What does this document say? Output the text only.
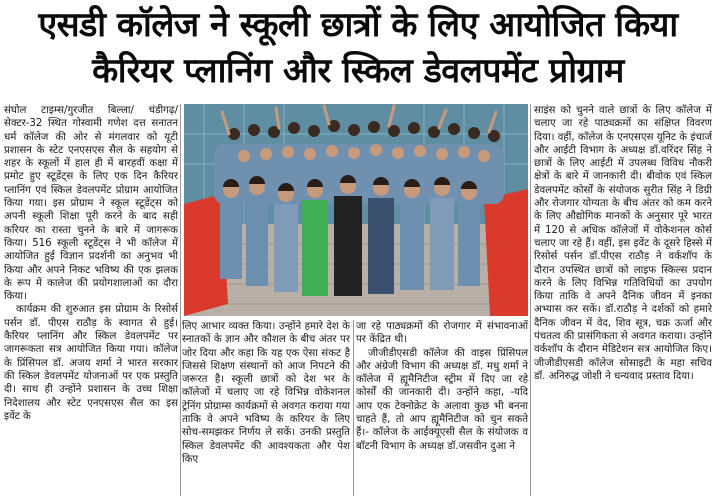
एसडी कॉलेज ने स्कूली छात्रों के लिए आयोजित किया
कैरियर प्लानिंग और स्किल डेवलपमेंट प्रोग्राम

संघोल टाइम्स/गुरजीत बिल्ला/ चंडीगढ़/ सेक्टर-32 स्थित गोस्वामी गणेश दत्त सनातन धर्म कॉलेज की ओर से मंगलवार को यूटी प्रशासन के स्टेट एनएसएस सैल के सहयोग से शहर के स्कूलों में हाल ही में बारहवीं कक्षा में प्रमोट हुए स्टूडेंट्स के लिए एक दिन कैरियर प्लानिंग एवं स्किल डेवलपमेंट प्रोग्राम आयोजित किया गया। इस प्रोग्राम ने स्कूल स्टूडेंट्स को अपनी स्कूली शिक्षा पूरी करने के बाद सही करियर का रास्ता चुनने के बारे में जागरूक किया। 516 स्कूली स्टूडेंट्स ने भी कॉलेज में आयोजित हुई विज्ञान प्रदर्शनी का अनुभव भी किया और अपने निकट भविष्य की एक झलक के रूप में कालेज की प्रयोगशालाओं का दौरा किया।

कार्यक्रम की शुरुआत इस प्रोग्राम के रिसोर्स पर्सन डॉ. पीएस राठौड़ के स्वागत से हुई। कैरियर प्लानिंग और स्किल डेवलपमेंट पर जागरूकता सत्र आयोजित किया गया। कॉलेज के प्रिंसिपल डॉ. अजय शर्मा ने भारत सरकार की स्किल डेवलपमेंट योजनाओं पर एक प्रस्तुति दी। साथ ही उन्होंने प्रशासन के उच्च शिक्षा निदेशालय और स्टेट एनएसएस सैल का इस इवेंट के

लिए आभार व्यक्त किया। उन्होंने हमारे देश के स्नातकों के ज्ञान और कौशल के बीच अंतर पर जोर दिया और कहा कि यह एक ऐसा संकट है जिससे शिक्षण संस्थानों को आज निपटने की जरूरत है। स्कूली छात्रों को देश भर के कॉलेजों में चलाए जा रहे विभिन्न वोकेशनल ट्रेनिंग प्रोग्राम्स कार्यक्रमों से अवगत कराया गया ताकि वे अपने भविष्य के करियर के लिए सोच-समझकर निर्णय ले सकें। उनकी प्रस्तुति स्किल डेवलपमेंट की आवश्यकता और पेश किए

जा रहे पाठ्यक्रमों की रोजगार में संभावनाओं पर केंद्रित थी।

जीजीडीएसडी कॉलेज की वाइस प्रिंसिपल और अंग्रेजी विभाग की अध्यक्ष डॉ. मधु शर्मा ने कॉलेज में ह्यूमैनिटीज स्ट्रीम में दिए जा रहे कोर्सों की जानकारी दी। उन्होंने कहा, -यदि आप एक टेक्नोक्रेट के अलावा कुछ भी बनना चाहते हैं, तो आप ह्यूमैनिटीज को चुन सकते हैं।- कॉलेज के आईक्यूएसी सैल के संयोजक व बॉटनी विभाग के अध्यक्ष डॉ.जसवीन दुआ ने

साइंस को चुनने वाले छात्रों के लिए कॉलेज में चलाए जा रहे पाठ्यक्रमों का संक्षिप्त विवरण दिया। वहीं, कॉलेज के एनएसएस यूनिट के इंचार्ज और आईटी विभाग के अध्यक्ष डॉ.वरिंदर सिंह ने छात्रों के लिए आईटी में उपलब्ध विविध नौकरी क्षेत्रों के बारे में जानकारी दी। बीवोक एवं स्किल डेवलपमेंट कोर्सों के संयोजक सुरीत सिंह ने डिग्री और रोजगार योग्यता के बीच अंतर को कम करने के लिए औद्योगिक मानकों के अनुसार पूरे भारत में 120 से अधिक कॉलेजों में वोकेशनल कोर्स चलाए जा रहे हैं। वहीं, इस इवेंट के दूसरे हिस्से में रिसोर्स पर्सन डॉ.पीएस राठौड़ ने वर्कशॉप के दौरान उपस्थित छात्रों को लाइफ स्किल्स प्रदान करने के लिए विभिन्न गतिविधियों का उपयोग किया ताकि वे अपने दैनिक जीवन में इनका अभ्यास कर सकें। डॉ.राठौड़ ने दर्शकों को हमारे दैनिक जीवन में वेद, शिव सूत्र, चक्र ऊर्जा और पंचतत्व की प्रासंगिकता से अवगत कराया। उन्होंने वर्कशॉप के दौरान मेडिटेशन सत्र आयोजित किए। जीजीडीएसडी कॉलेज सोसाइटी के महा सचिव डॉ. अनिरुद्ध जोशी ने धन्यवाद प्रस्ताव दिया।
